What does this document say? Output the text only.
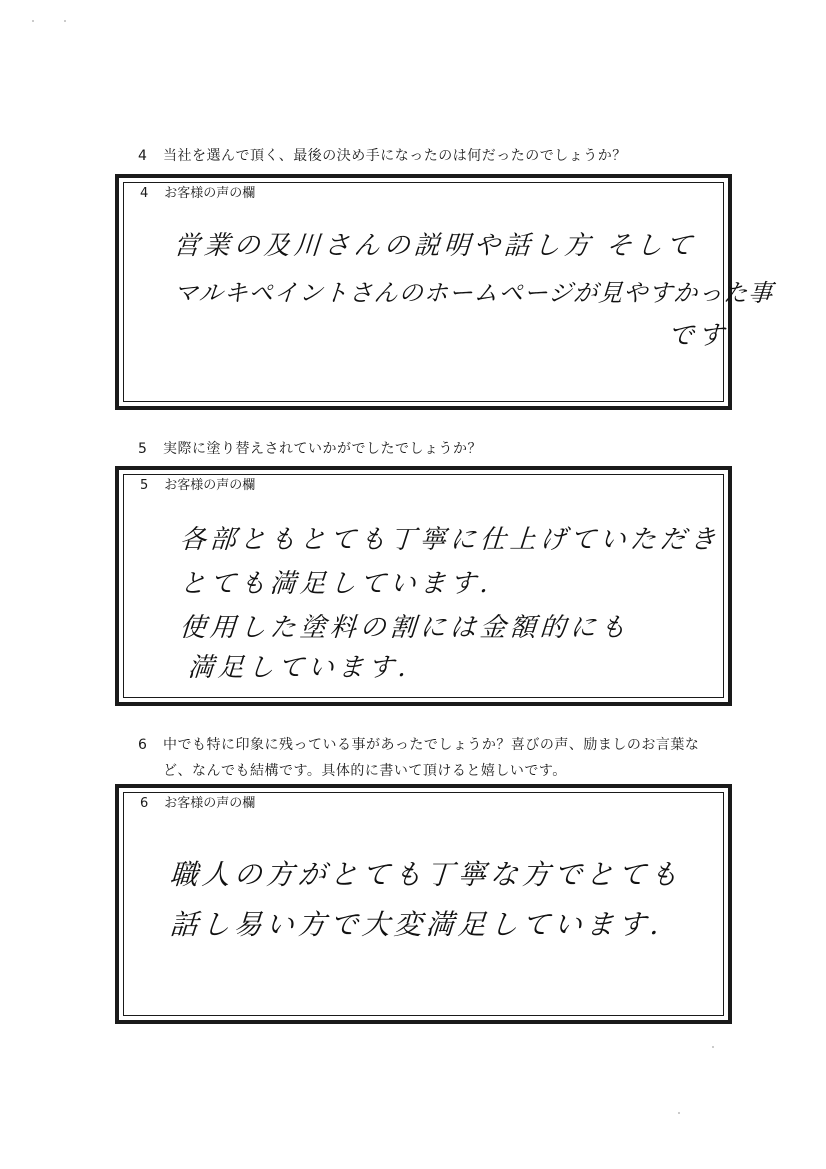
4 当社を選んで頂く、最後の決め手になったのは何だったのでしょうか？
4 お客様の声の欄
営業の及川さんの説明や話し方 そして
マルキペイントさんのホームページが見やすかった事
です
5 実際に塗り替えされていかがでしたでしょうか？
5 お客様の声の欄
各部ともとても丁寧に仕上げていただき
とても満足しています.
使用した塗料の割には金額的にも
満足しています.
6 中でも特に印象に残っている事があったでしょうか？喜びの声、励ましのお言葉な
ど、なんでも結構です。具体的に書いて頂けると嬉しいです。
6 お客様の声の欄
職人の方がとても丁寧な方でとても
話し易い方で大変満足しています.
